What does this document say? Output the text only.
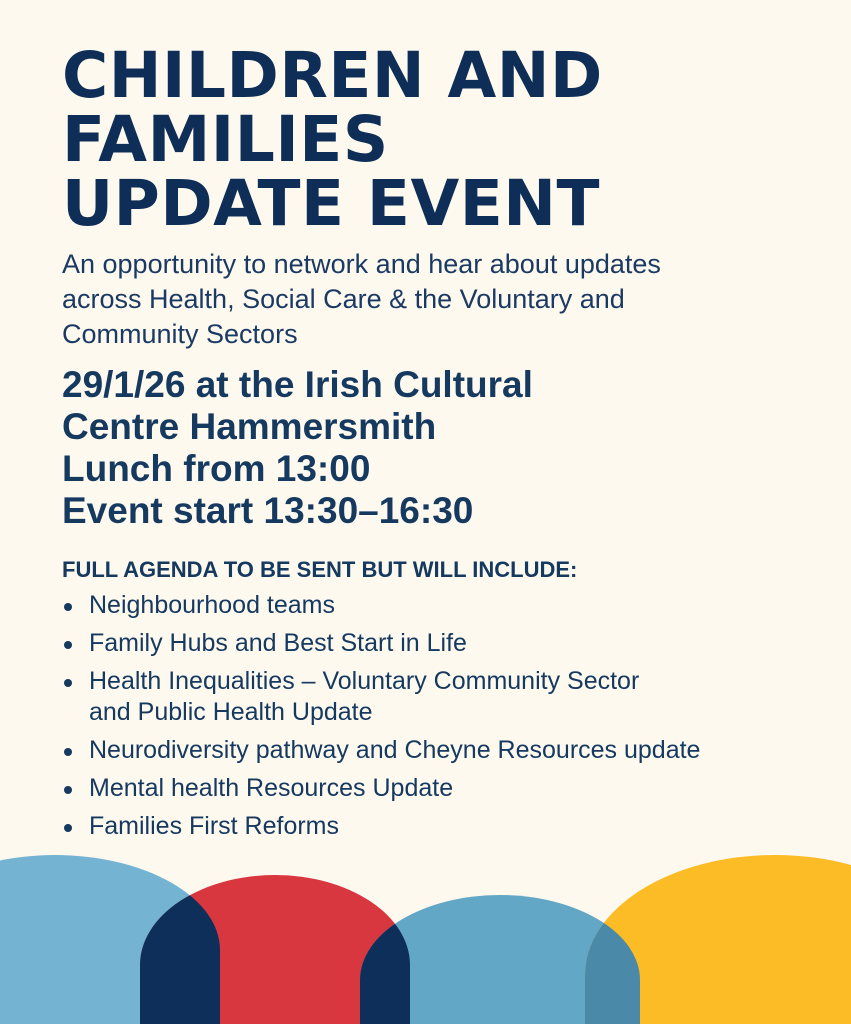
CHILDREN AND
FAMILIES
UPDATE EVENT

An opportunity to network and hear about updates
across Health, Social Care & the Voluntary and
Community Sectors

29/1/26 at the Irish Cultural
Centre Hammersmith
Lunch from 13:00
Event start 13:30–16:30

FULL AGENDA TO BE SENT BUT WILL INCLUDE:

Neighbourhood teams
Family Hubs and Best Start in Life
Health Inequalities – Voluntary Community Sector
and Public Health Update
Neurodiversity pathway and Cheyne Resources update
Mental health Resources Update
Families First Reforms
